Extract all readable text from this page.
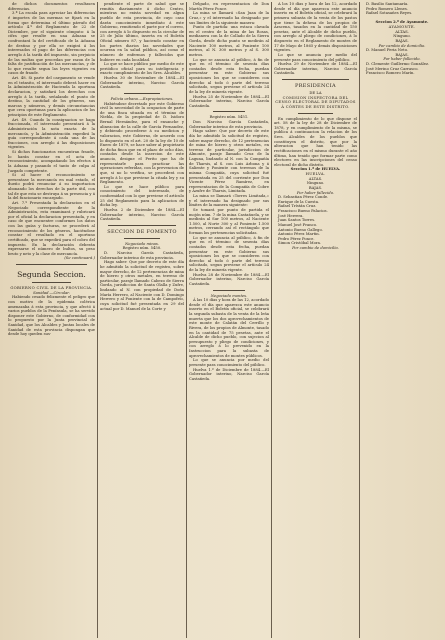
de dichos documentos resultasen diferencias.

3.ª La escala para apreciar las diferencias é importes de las mermas se fijará en la forma que determina el último párrafo del artículo 4.º del Reglamento de 22 de Diciembre, por el siguiente cómputo: á la cifra que resulte en una Aduana se confrontará la del certificado de la Aduana de destino y por ella se exigirá á los interesados el pago de las diferencias con arreglo á la tarifa del impuesto, sin perjuicio de las multas que procedan por razon de la falta de justificación de las mercancías, y de lo que resulte segun las leyes vigentes en casos de fraude.

Art. 48. Si parte del cargamento se vende en el tránsito, el interesado deberá hacer en la Administración de Hacienda la oportuna declaracion, y satisfará los derechos con arreglo á la tarifa, señalando el punto de destino, la cantidad de los géneros, sus marcas y números, y demás circunstancias que crea oportunas para la aplicacion de los principios de este Reglamento.

Art. 49. Cuando la consignacion se haga fraccionada, el interesado presentará á la Administración la nota exacta de la mercancía, y la Administración expedirá la guía correspondiente á cada una de las fracciones, con arreglo á las disposiciones vigentes.

Si dichos funcionarios encuentran fraude, lo harán constar en el acta de reconocimiento, acompañando los efectos á la Aduana y pasando el tanto de culpa al Juzgado competente.

Si al hacer el reconocimiento se presentase la mercancía en mal estado, el dueño podrá renunciar á su importacion abonando los derechos de la parte útil, con tal de que esta se destruya á su presencia y á la del funcionario encargado.

Art. 7.º Presentada la declaracion en el Negociado correspondiente de la Administración, esta examinará y rubricará por el oficial la declaracion presentada, y en caso de que encuentre conformes los datos con las guías y facturas, se procederá al reconocimiento de los géneros, haciéndose constar el resultado en el oportuno certificado, que se expedirá para el cobro del impuesto. En la declaración deberán expresarse el número de bultos, su peso bruto y neto y la clase de mercancía.

(Se continuará.)

Segunda Seccion.

GOBIERNO CIVIL DE LA PROVINCIA.

Sanidad.—Circular.

Habiendo cesado felizmente el peligro que con motivo de la epidemia colérica amenazaba á esta provincia, y que afectó á varios pueblos de la Península, se ha servido disponer este Gobierno, de conformidad con lo propuesto por la Junta provincial de Sanidad, que los Alcaldes y Juntas locales de Sanidad de esta provincia dispongan que desde hoy queden sus-

pendiente el parte de salud que se remitía diariamente á dicho Centro, mientras no exista novedad en algun pueblo de esta provincia, de cuyo caso darán conocimiento inmediato á este Gobierno, remitiendo el parte por el correo, con arreglo á lo dispuesto en la circular de 25 de Julio último, inserta en el Boletín Oficial número 87, y haciendo constar en los partes diarios las novedades que ocurran en la salud pública, así como el número de enfermos y fallecidos que hubiere en cada localidad.

Lo que se hace público por medio de este periódico oficial para su inteligencia y exacto cumplimiento de los Sres. Alcaldes.

Huelva 30 de Noviembre de 1884.—El Gobernador interino, Narciso García Castañeda.

Policía urbana.—Expropiaciones.

Habiéndose decretado por este Gobierno civil la necesidad de la ocupacion de parte de una finca situada en el término de Niebla, de la propiedad de D. Isidoro Bernal Hernández, para el ensanche y alineacion de la calle de García Fernandez, y debiendo procederse á su medicion y valoracion, este Gobierno, de acuerdo con lo dispuesto en el art. 20 de la ley de 10 de Enero de 1879, se hace saber al propietario de dicha finca que en el plazo de ocho días, contados desde la insercion de este anuncio, designe el Perito que ha de representarle para practicar las operaciones referidas, con la prevencion de que, si no lo verifica, se procederá con arreglo á lo que previene la citada ley y su Reglamento.

Lo que se hace público para conocimiento del interesado, de conformidad con lo que previene el artículo 25 del Reglamento para la aplicacion de dicha ley.

Huelva 2 de Diciembre de 1884.—El Gobernador interino, Narciso García Castañeda.

SECCION DE FOMENTO

Negociado minas.

Registro núm. 5450.

D. Narciso García Castañeda, Gobernador interino de esta provincia.

Hago saber: Que por decreto de este día he admitido la solicitud de registro, sobre mayor derecho, de 12 pertenencias de mina de hierro y otros metales, en terreno de particular, paraje llamado Cabezo de Sierra Gorda, jurisdiccion de Santa Olalla y Zufre, lindando al N. con propiedad de Doña María Herrero, al Naciente con D. Domingo Herrero y al Poniente con la de Campofrío, cuya solicitud fué presentada en 29 del actual por D. Manuel de la Corte y

Delgado, en representacion de Don Martín Pérez Ponce.

La mina se llamará «San Juan de la Cruz,» y el interesado ha designado por sus límites de la siguiente manera:

Punto de partida: una estaca clavada en el centro de la mina de las Rosas, medianera con la de Collado de la Sierra Gorda, desde dicho punto se medirán al Naciente 100 metros, al Poniente 100 metros, al N. 300 metros y al S. 300 metros.

Lo que se anuncia al público, á fin de que en el término de sesenta días contados desde esta fecha, puedan presentar en este Gobierno sus oposiciones los que se consideren con derecho al todo ó parte del terreno solicitado, segun previene el artículo 24 de la ley de minería vigente.

Huelva 25 de Noviembre de 1884.—El Gobernador interino, Narciso García Castañeda.

Registro núm. 5451.

Don Narciso García Castañeda, Gobernador interino de esta provincia.

Hago saber: Que por decreto de este día he admitido la solicitud de registro, sobre mayor derecho, de 12 pertenencias de mina de hierro y otros metales, en terreno de particular, jurisdiccion de Almonte, paraje llamado Cruz de la Laguna, lindando al N. con la Compañía de Tharsis, al S. con Luis Arbona y á Saliente y Poniente con terrenos de la misma Compañía, cuya solicitud fué presentada en 25 del corriente por Don Vicente Pérez Ramírez, en representacion de la Compañía de Cobre y Azufre de Tharsis, Limitada.

La mina se llamará «Torres Limitada,» y el interesado ha designado por sus límites de la manera siguiente:

Se tomará por punto de partida el mojón núm. 7 de la mina Castañuela, y se medirán al Sur 100 metros, al Naciente 1.500, al Norte 300 y al Poniente 1.500 metros, cerrando así el rectángulo que forman los pertenencias solicitadas.

Lo que se anuncia al público, á fin de que en el término de sesenta días contados desde esta fecha, puedan presentar en este Gobierno sus oposiciones los que se consideren con derecho al todo ó parte del terreno solicitado, segun previene el artículo 24 de la ley de minería vigente.

Huelva 28 de Noviembre de 1884.—El Gobernador interino, Narciso García Castañeda.

Negociado montes.

Á las 10 días y hora de las 12, acordado desde el día que aparezca este anuncio inserto en el Boletín oficial, se celebrará la segunda subasta de la venta de la leña muerta que los dos aprovechamientos de este monte de Calatán del Cerrillo y Rivera, de los propios de Almonte, tasado en la cantidad de 75 pesetas, ante el Alcalde de dicho pueblo, con sujecion al presupuesto y pliego de condiciones, y con arreglo á lo prevenido en la Instruccion para la subasta de aprovechamientos de montes públicos.

Lo que se anuncia por medio del presente para conocimiento del público.

Huelva 1.º de Diciembre de 1884.—El Gobernador interino, Narciso García Castañeda.

Á los 10 días y hora de las 12, acordado desde el día que aparezca este anuncio inserto en el Boletín oficial, se celebrará la primera subasta de la venta de los pastos que tiene la dehesa de los propios de Aracena, tasados en la cantidad de 150 pesetas, ante el Alcalde de dicho pueblo, con arreglo al pliego de condiciones, á lo dispuesto en el Reglamento de montes de 17 de Mayo de 1865 y demás disposiciones vigentes.

Lo que se anuncia por medio del presente para conocimiento del público.

Huelva 29 de Noviembre de 1884.—El Gobernador interino, Narciso García Castañeda.

PRESIDENCIA

DE LA

COMISION INSPECTORA DEL CENSO ELECTORAL DE DIPUTADOS Á CÓRTES DE ESTE DISTRITO.

En cumplimiento de lo que dispone el art. 58 de la ley de 28 de Diciembre de 1878, y en cumplimiento de la misma, se publica á continuacion la relacion de los Sres. Alcaldes de los pueblos que constituyen el distrito, que por la alteracion que han tenido las rectificaciones en el mismo durante el año último, han tenido que formar parte como electores en las inscripciones del censo electoral de dicho distrito.

Seccion 1.ª de HUELVA.

HUELVA.

ALTAS.

Ninguno.

BAJAS.

Por haber fallecido.

D. Sebastian Pérez Conde.

Enrique de la Cuesta.

Rafael Trístán Cruz.

Francisco Bueno Palacios.

José Herrera.

Juan Santos Torres.

Manuel José Franco.

Antonio Bueno Gallego.

Antonio Pérez Martin.

Pedro Pérez Ponce.

Simon Cristóbal Mora.

Por cambio de domicilio.

D. Basilio Santamaría.

Pedro Romero Llenes.

Rafael Sotasañes Reyes.

Seccion 2.ª de Ayamonte.

AYAMONTE.

ALTAS.

Ninguno.

BAJAS.

Por cambio de domicilio.

D. Manuel Feria Neto.

BAJAS.

Por haber fallecido.

D. Clemente Guillermo González.

José Merino Cruz Carrasco.

Francisco Romero Marín.
